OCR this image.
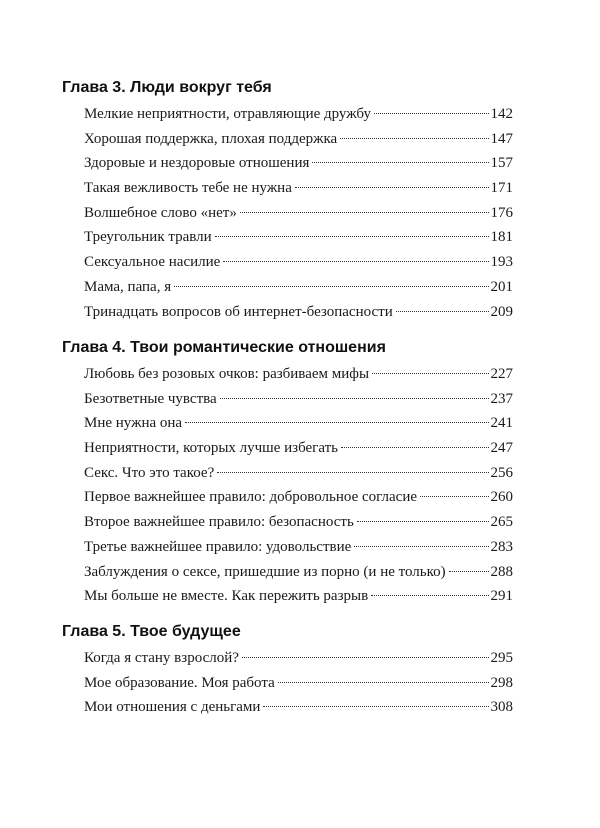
Глава 3. Люди вокруг тебя
Мелкие неприятности, отравляющие дружбу	142
Хорошая поддержка, плохая поддержка	147
Здоровые и нездоровые отношения	157
Такая вежливость тебе не нужна	171
Волшебное слово «нет»	176
Треугольник травли	181
Сексуальное насилие	193
Мама, папа, я	201
Тринадцать вопросов об интернет-безопасности	209
Глава 4. Твои романтические отношения
Любовь без розовых очков: разбиваем мифы	227
Безответные чувства	237
Мне нужна она	241
Неприятности, которых лучше избегать	247
Секс. Что это такое?	256
Первое важнейшее правило: добровольное согласие	260
Второе важнейшее правило: безопасность	265
Третье важнейшее правило: удовольствие	283
Заблуждения о сексе, пришедшие из порно (и не только)	288
Мы больше не вместе. Как пережить разрыв	291
Глава 5. Твое будущее
Когда я стану взрослой?	295
Мое образование. Моя работа	298
Мои отношения с деньгами	308
